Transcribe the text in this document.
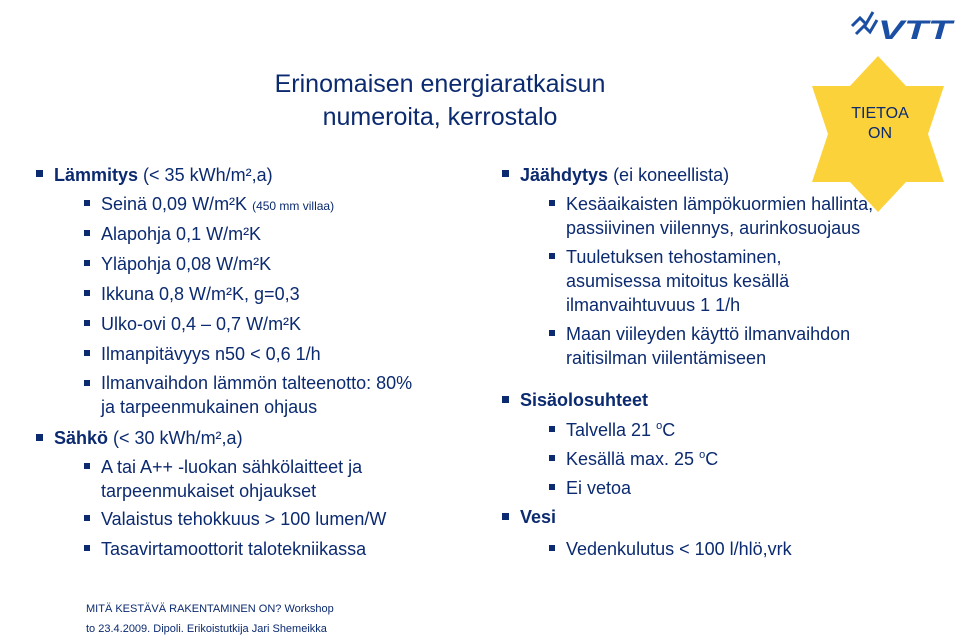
19/1/2010	10 VTT
Erinomaisen energiaratkaisun
numeroita, kerrostalo	TIETOA
ON
Lämmitys (< 35 kWh/m²,a)
Seinä 0,09 W/m²K (450 mm villaa)
Alapohja 0,1 W/m²K
Yläpohja 0,08 W/m²K
Ikkuna 0,8 W/m²K, g=0,3
Ulko-ovi 0,4 – 0,7 W/m²K
Ilmanpitävyys n50 < 0,6 1/h
Ilmanvaihdon lämmön talteenotto: 80%
ja tarpeenmukainen ohjaus
Sähkö (< 30 kWh/m²,a)
A tai A++ -luokan sähkölaitteet ja
tarpeenmukaiset ohjaukset
Valaistus tehokkuus > 100 lumen/W
Tasavirtamoottorit talotekniikassa
Jäähdytys (ei koneellista)
Kesäaikaisten lämpökuormien hallinta,
passiivinen viilennys, aurinkosuojaus
Tuuletuksen tehostaminen,
asumisessa mitoitus kesällä
ilmanvaihtuvuus 1 1/h
Maan viileyden käyttö ilmanvaihdon
raitisilman viilentämiseen
Sisäolosuhteet
Talvella 21 $^o$C
Kesällä max. 25 $^o$C
Ei vetoa
Vesi
Vedenkulutus < 100 l/hlö,vrk
MITÄ KESTÄVÄ RAKENTAMINEN ON? Workshop
to 23.4.2009. Dipoli. Erikoistutkija Jari Shemeikka
